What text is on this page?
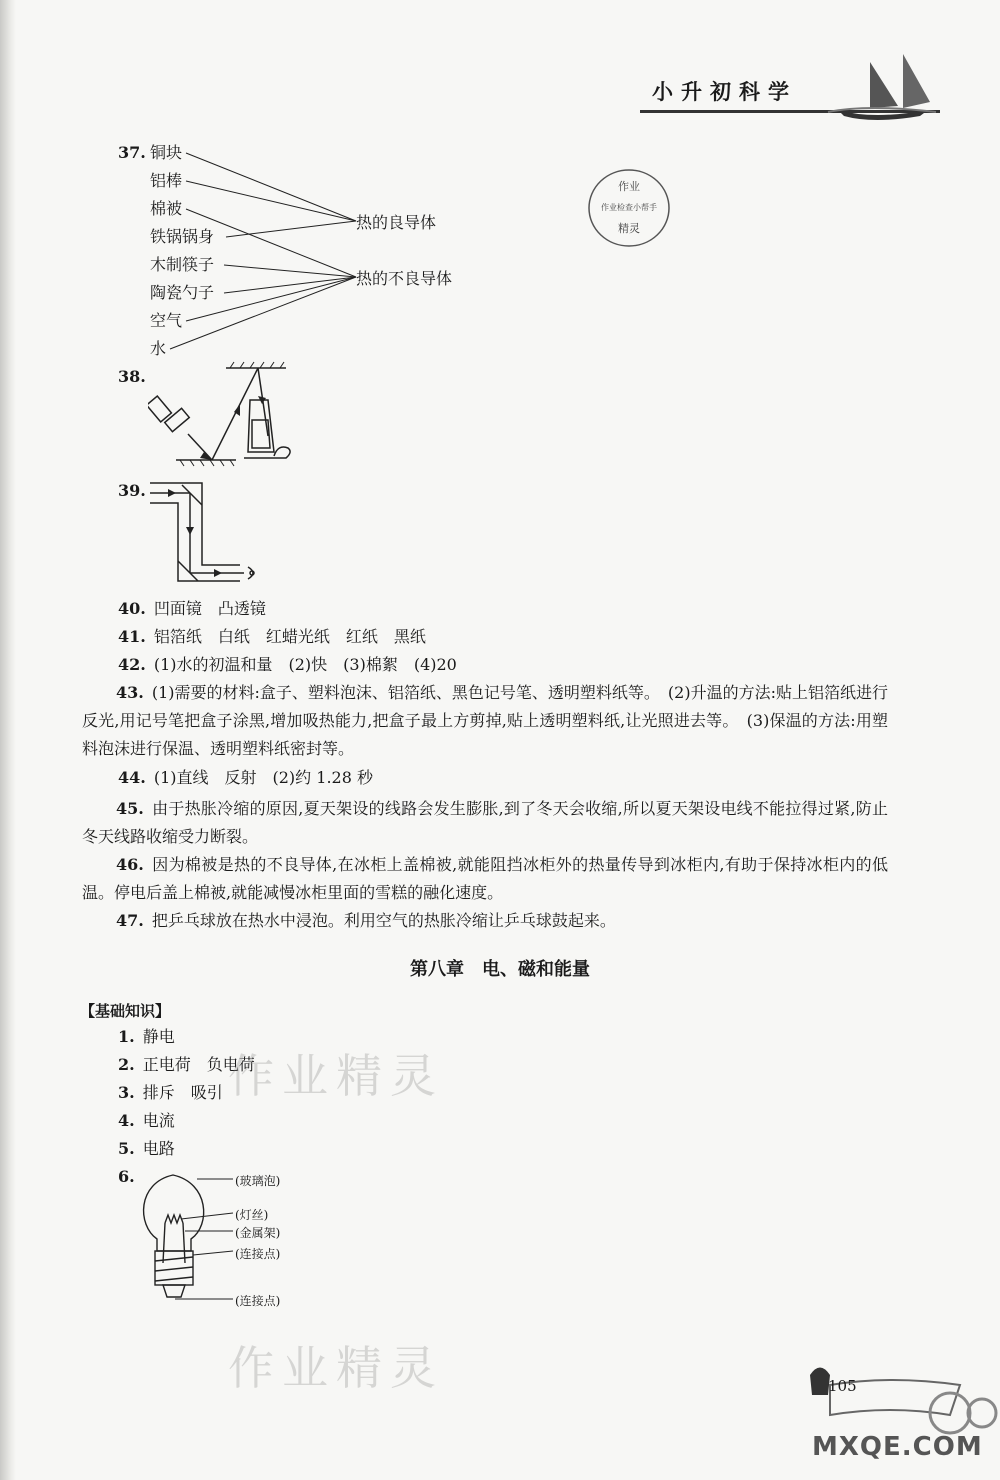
小升初科学
作业
作业检查小帮手
精灵
37. 铜块
铝棒
棉被
铁锅锅身
木制筷子
陶瓷勺子
空气
水
热的良导体
热的不良导体
38.
39.
40. 凹面镜　凸透镜
41. 铝箔纸　白纸　红蜡光纸　红纸　黑纸
42. (1)水的初温和量　(2)快　(3)棉絮　(4)20
43. (1)需要的材料:盒子、塑料泡沫、铝箔纸、黑色记号笔、透明塑料纸等。　(2)升温的方法:贴上铝箔纸进行反光,用记号笔把盒子涂黑,增加吸热能力,把盒子最上方剪掉,贴上透明塑料纸,让光照进去等。　(3)保温的方法:用塑料泡沫进行保温、透明塑料纸密封等。
44. (1)直线　反射　(2)约 1.28 秒
45. 由于热胀冷缩的原因,夏天架设的线路会发生膨胀,到了冬天会收缩,所以夏天架设电线不能拉得过紧,防止冬天线路收缩受力断裂。
46. 因为棉被是热的不良导体,在冰柜上盖棉被,就能阻挡冰柜外的热量传导到冰柜内,有助于保持冰柜内的低温。停电后盖上棉被,就能减慢冰柜里面的雪糕的融化速度。
47. 把乒乓球放在热水中浸泡。利用空气的热胀冷缩让乒乓球鼓起来。
第八章　电、磁和能量
【基础知识】
1. 静电
2. 正电荷　负电荷
3. 排斥　吸引
4. 电流
5. 电路
6.	(玻璃泡)
(灯丝)
(金属架)
(连接点)
(连接点)
作业精灵
作业精灵	105
MXQE.COM
